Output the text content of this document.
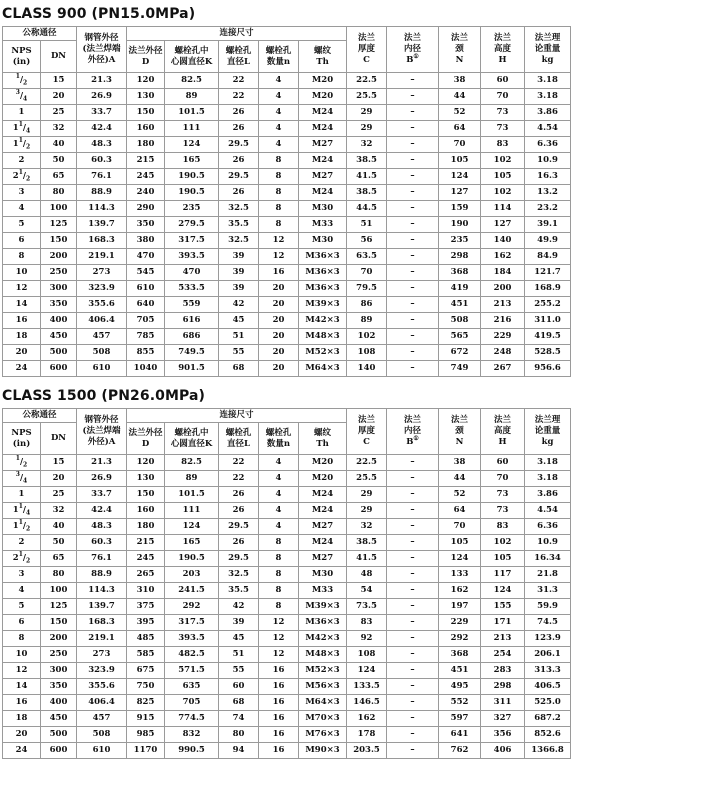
CLASS 900 (PN15.0MPa)
公称通径		钢管外径
(法兰焊端
外径)A	连接尺寸					法兰
厚度
C	法兰
内径
B①	法兰
颈
N	法兰
高度
H	法兰理
论重量
kg
NPS
(in)	DN		法兰外径
D	螺栓孔中
心圆直径K	螺栓孔
直径L	螺栓孔
数量n	螺纹
Th					
$^1/_2$	15	21.3	120	82.5	22	4	M20	22.5	–	38	60	3.18
$^3/_4$	20	26.9	130	89	22	4	M20	25.5	–	44	70	3.18
1	25	33.7	150	101.5	26	4	M24	29	–	52	73	3.86
$1^1/_4$	32	42.4	160	111	26	4	M24	29	–	64	73	4.54
$1^1/_2$	40	48.3	180	124	29.5	4	M27	32	–	70	83	6.36
2	50	60.3	215	165	26	8	M24	38.5	–	105	102	10.9
$2^1/_2$	65	76.1	245	190.5	29.5	8	M27	41.5	–	124	105	16.3
3	80	88.9	240	190.5	26	8	M24	38.5	–	127	102	13.2
4	100	114.3	290	235	32.5	8	M30	44.5	–	159	114	23.2
5	125	139.7	350	279.5	35.5	8	M33	51	–	190	127	39.1
6	150	168.3	380	317.5	32.5	12	M30	56	–	235	140	49.9
8	200	219.1	470	393.5	39	12	M36×3	63.5	–	298	162	84.9
10	250	273	545	470	39	16	M36×3	70	–	368	184	121.7
12	300	323.9	610	533.5	39	20	M36×3	79.5	–	419	200	168.9
14	350	355.6	640	559	42	20	M39×3	86	–	451	213	255.2
16	400	406.4	705	616	45	20	M42×3	89	–	508	216	311.0
18	450	457	785	686	51	20	M48×3	102	–	565	229	419.5
20	500	508	855	749.5	55	20	M52×3	108	–	672	248	528.5
24	600	610	1040	901.5	68	20	M64×3	140	–	749	267	956.6
CLASS 1500 (PN26.0MPa)
公称通径		钢管外径
(法兰焊端
外径)A	连接尺寸					法兰
厚度
C	法兰
内径
B①	法兰
颈
N	法兰
高度
H	法兰理
论重量
kg
NPS
(in)	DN		法兰外径
D	螺栓孔中
心圆直径K	螺栓孔
直径L	螺栓孔
数量n	螺纹
Th					
$^1/_2$	15	21.3	120	82.5	22	4	M20	22.5	–	38	60	3.18
$^3/_4$	20	26.9	130	89	22	4	M20	25.5	–	44	70	3.18
1	25	33.7	150	101.5	26	4	M24	29	–	52	73	3.86
$1^1/_4$	32	42.4	160	111	26	4	M24	29	–	64	73	4.54
$1^1/_2$	40	48.3	180	124	29.5	4	M27	32	–	70	83	6.36
2	50	60.3	215	165	26	8	M24	38.5	–	105	102	10.9
$2^1/_2$	65	76.1	245	190.5	29.5	8	M27	41.5	–	124	105	16.34
3	80	88.9	265	203	32.5	8	M30	48	–	133	117	21.8
4	100	114.3	310	241.5	35.5	8	M33	54	–	162	124	31.3
5	125	139.7	375	292	42	8	M39×3	73.5	–	197	155	59.9
6	150	168.3	395	317.5	39	12	M36×3	83	–	229	171	74.5
8	200	219.1	485	393.5	45	12	M42×3	92	–	292	213	123.9
10	250	273	585	482.5	51	12	M48×3	108	–	368	254	206.1
12	300	323.9	675	571.5	55	16	M52×3	124	–	451	283	313.3
14	350	355.6	750	635	60	16	M56×3	133.5	–	495	298	406.5
16	400	406.4	825	705	68	16	M64×3	146.5	–	552	311	525.0
18	450	457	915	774.5	74	16	M70×3	162	–	597	327	687.2
20	500	508	985	832	80	16	M76×3	178	–	641	356	852.6
24	600	610	1170	990.5	94	16	M90×3	203.5	–	762	406	1366.8
